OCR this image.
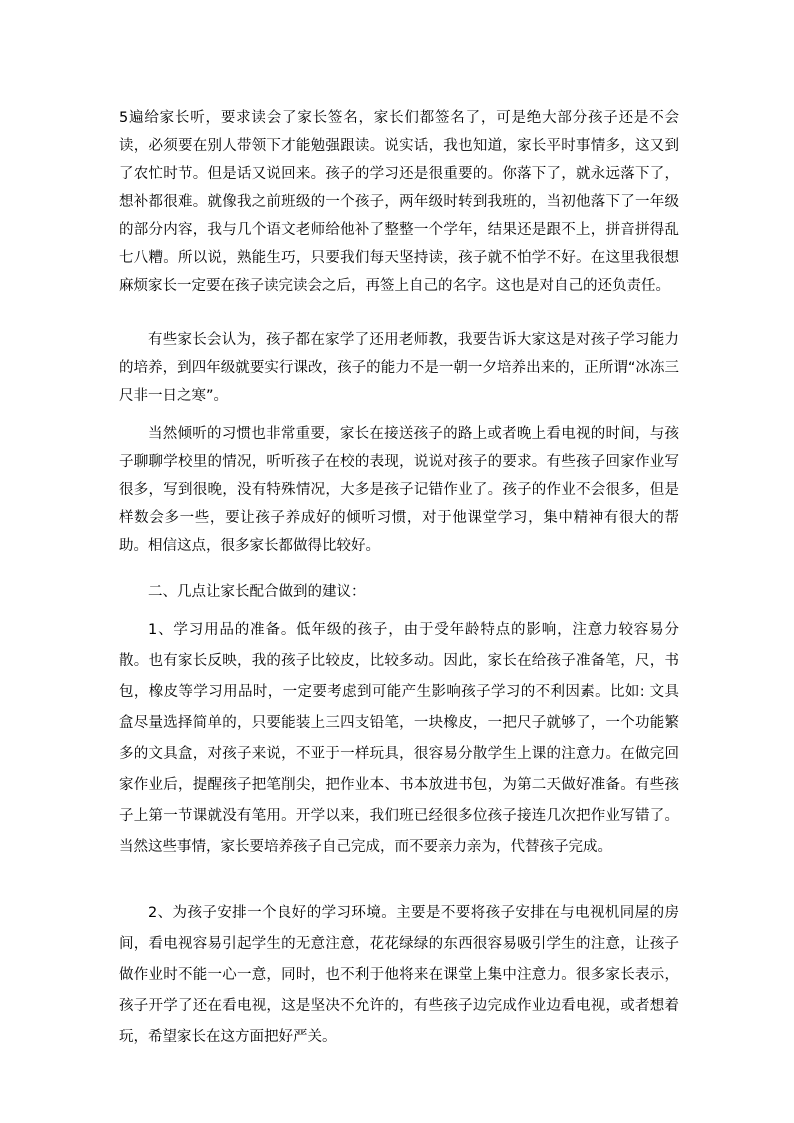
5遍给家长听，要求读会了家长签名，家长们都签名了，可是绝大部分孩子还是不会读，必须要在别人带领下才能勉强跟读。说实话，我也知道，家长平时事情多，这又到了农忙时节。但是话又说回来。孩子的学习还是很重要的。你落下了，就永远落下了，想补都很难。就像我之前班级的一个孩子，两年级时转到我班的，当初他落下了一年级的部分内容，我与几个语文老师给他补了整整一个学年，结果还是跟不上，拼音拼得乱七八糟。所以说，熟能生巧，只要我们每天坚持读，孩子就不怕学不好。在这里我很想麻烦家长一定要在孩子读完读会之后，再签上自己的名字。这也是对自己的还负责任。

有些家长会认为，孩子都在家学了还用老师教，我要告诉大家这是对孩子学习能力的培养，到四年级就要实行课改，孩子的能力不是一朝一夕培养出来的，正所谓“冰冻三尺非一日之寒”。

当然倾听的习惯也非常重要，家长在接送孩子的路上或者晚上看电视的时间，与孩子聊聊学校里的情况，听听孩子在校的表现，说说对孩子的要求。有些孩子回家作业写很多，写到很晚，没有特殊情况，大多是孩子记错作业了。孩子的作业不会很多，但是样数会多一些，要让孩子养成好的倾听习惯，对于他课堂学习，集中精神有很大的帮助。相信这点，很多家长都做得比较好。

二、几点让家长配合做到的建议：

1、学习用品的准备。低年级的孩子，由于受年龄特点的影响，注意力较容易分散。也有家长反映，我的孩子比较皮，比较多动。因此，家长在给孩子准备笔，尺，书包，橡皮等学习用品时，一定要考虑到可能产生影响孩子学习的不利因素。比如: 文具盒尽量选择简单的，只要能装上三四支铅笔，一块橡皮，一把尺子就够了，一个功能繁多的文具盒，对孩子来说，不亚于一样玩具，很容易分散学生上课的注意力。在做完回家作业后，提醒孩子把笔削尖，把作业本、书本放进书包，为第二天做好准备。有些孩子上第一节课就没有笔用。开学以来，我们班已经很多位孩子接连几次把作业写错了。当然这些事情，家长要培养孩子自己完成，而不要亲力亲为，代替孩子完成。

2、为孩子安排一个良好的学习环境。主要是不要将孩子安排在与电视机同屋的房间，看电视容易引起学生的无意注意，花花绿绿的东西很容易吸引学生的注意，让孩子做作业时不能一心一意，同时，也不利于他将来在课堂上集中注意力。很多家长表示，孩子开学了还在看电视，这是坚决不允许的，有些孩子边完成作业边看电视，或者想着玩，希望家长在这方面把好严关。
